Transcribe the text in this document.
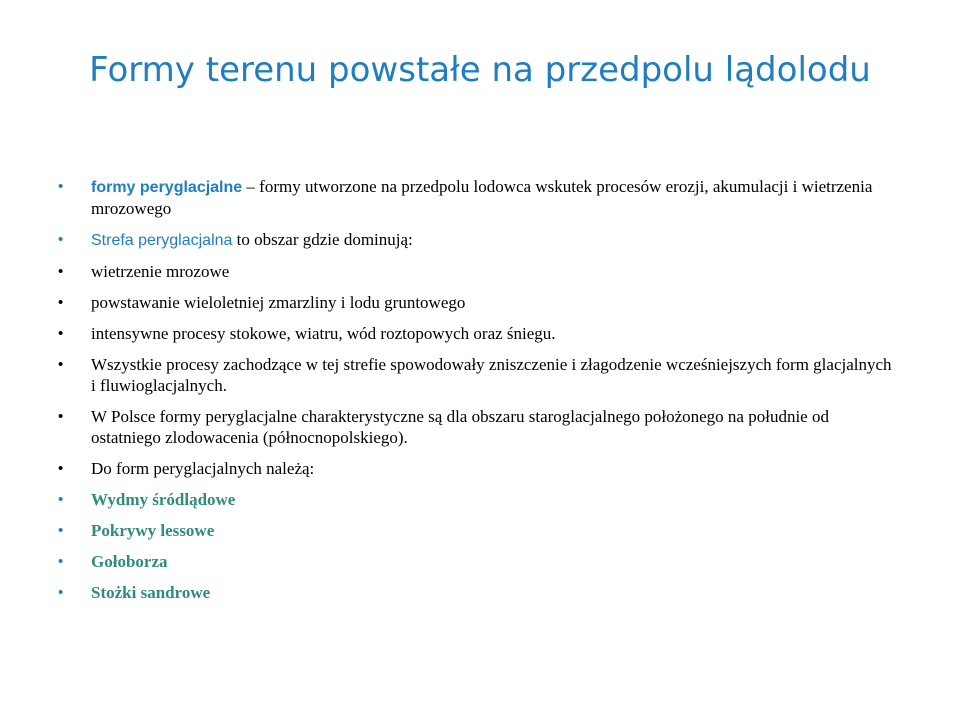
Formy terenu powstałe na przedpolu lądolodu
• formy peryglacjalne – formy utworzone na przedpolu lodowca wskutek procesów erozji, akumulacji i wietrzenia mrozowego
• Strefa peryglacjalna to obszar gdzie dominują:
• wietrzenie mrozowe
• powstawanie wieloletniej zmarzliny i lodu gruntowego
• intensywne procesy stokowe, wiatru, wód roztopowych oraz śniegu.
• Wszystkie procesy zachodzące w tej strefie spowodowały zniszczenie i złagodzenie wcześniejszych form glacjalnych i fluwioglacjalnych.
• W Polsce formy peryglacjalne charakterystyczne są dla obszaru staroglacjalnego położonego na południe od ostatniego zlodowacenia (północnopolskiego).
• Do form peryglacjalnych należą:
• Wydmy śródlądowe
• Pokrywy lessowe
• Gołoborza
• Stożki sandrowe
